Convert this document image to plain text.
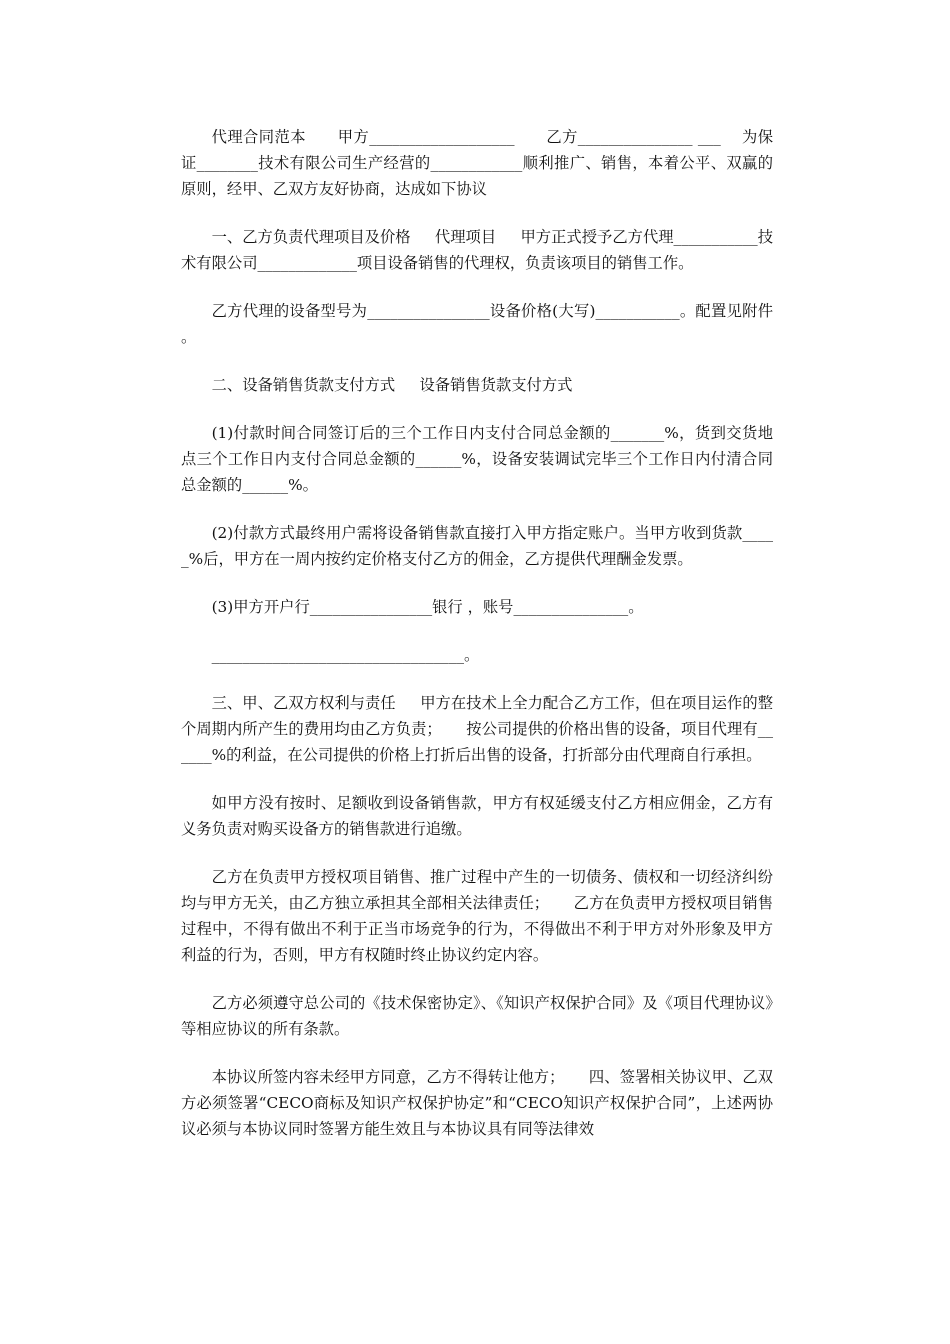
代理合同范本      甲方___________________      乙方_______________ ___    为保证________技术有限公司生产经营的____________顺利推广、销售，本着公平、双赢的原则，经甲、乙双方友好协商，达成如下协议

一、乙方负责代理项目及价格     代理项目     甲方正式授予乙方代理___________技术有限公司_____________项目设备销售的代理权，负责该项目的销售工作。

乙方代理的设备型号为________________设备价格(大写)___________。配置见附件。

二、设备销售货款支付方式     设备销售货款支付方式

(1)付款时间合同签订后的三个工作日内支付合同总金额的_______%，货到交货地点三个工作日内支付合同总金额的______%，设备安装调试完毕三个工作日内付清合同总金额的______%。

(2)付款方式最终用户需将设备销售款直接打入甲方指定账户。当甲方收到货款_____%后，甲方在一周内按约定价格支付乙方的佣金，乙方提供代理酬金发票。

(3)甲方开户行________________银行 ，账号_______________。

_________________________________。

三、甲、乙双方权利与责任     甲方在技术上全力配合乙方工作，但在项目运作的整个周期内所产生的费用均由乙方负责；     按公司提供的价格出售的设备，项目代理有______%的利益，在公司提供的价格上打折后出售的设备，打折部分由代理商自行承担。

如甲方没有按时、足额收到设备销售款，甲方有权延缓支付乙方相应佣金，乙方有义务负责对购买设备方的销售款进行追缴。

乙方在负责甲方授权项目销售、推广过程中产生的一切债务、债权和一切经济纠纷均与甲方无关，由乙方独立承担其全部相关法律责任；     乙方在负责甲方授权项目销售过程中，不得有做出不利于正当市场竞争的行为，不得做出不利于甲方对外形象及甲方利益的行为，否则，甲方有权随时终止协议约定内容。

乙方必须遵守总公司的《技术保密协定》、《知识产权保护合同》及《项目代理协议》等相应协议的所有条款。

本协议所签内容未经甲方同意，乙方不得转让他方；     四、签署相关协议甲、乙双方必须签署“CECO商标及知识产权保护协定”和“CECO知识产权保护合同”，上述两协议必须与本协议同时签署方能生效且与本协议具有同等法律效
